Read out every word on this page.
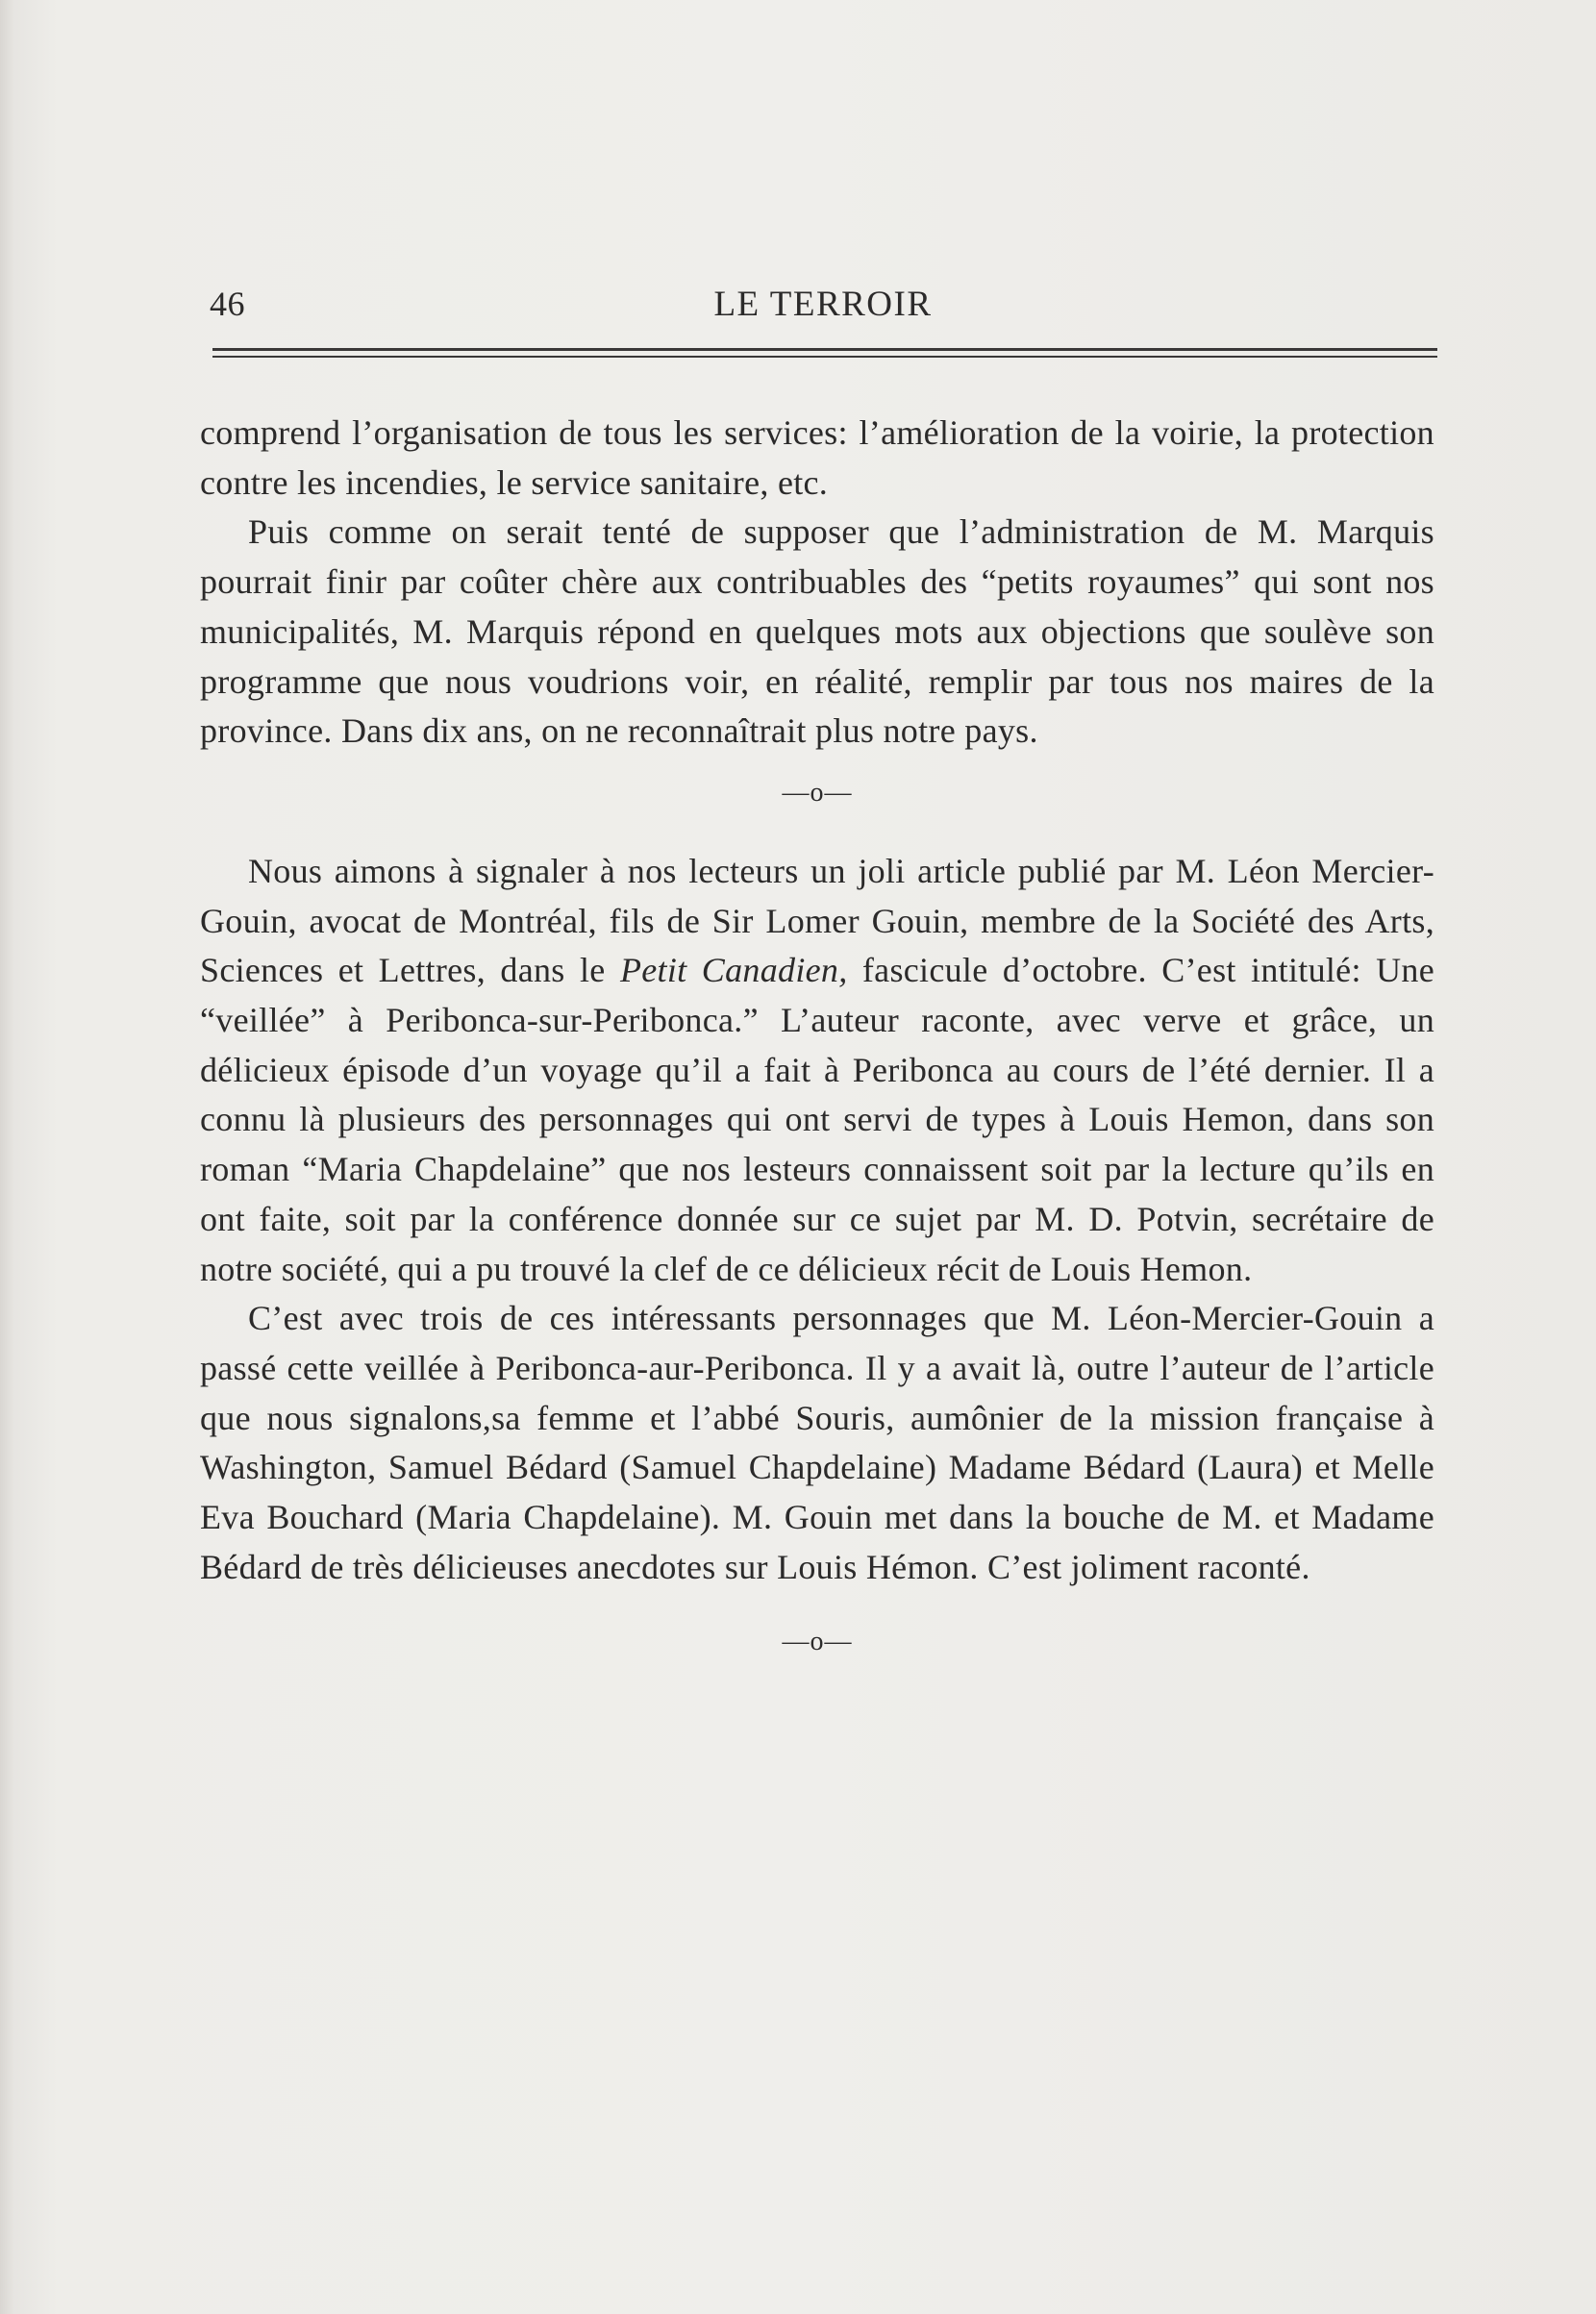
46	LE TERROIR

comprend l’organisation de tous les services: l’amélioration de la voirie, la protection contre les incendies, le service sanitaire, etc.

Puis comme on serait tenté de supposer que l’administration de M. Marquis pourrait finir par coûter chère aux contribuables des “petits royaumes” qui sont nos municipalités, M. Marquis répond en quelques mots aux objections que soulève son programme que nous voudrions voir, en réalité, remplir par tous nos maires de la province. Dans dix ans, on ne reconnaîtrait plus notre pays.

—o—

Nous aimons à signaler à nos lecteurs un joli article publié par M. Léon Mercier-Gouin, avocat de Montréal, fils de Sir Lomer Gouin, membre de la Société des Arts, Sciences et Lettres, dans le Petit Canadien, fascicule d’octobre. C’est intitulé: Une “veillée” à Peribonca-sur-Peribonca.” L’auteur raconte, avec verve et grâce, un délicieux épisode d’un voyage qu’il a fait à Peribonca au cours de l’été dernier. Il a connu là plusieurs des personnages qui ont servi de types à Louis Hemon, dans son roman “Maria Chapdelaine” que nos lesteurs connaissent soit par la lecture qu’ils en ont faite, soit par la conférence donnée sur ce sujet par M. D. Potvin, secrétaire de notre société, qui a pu trouvé la clef de ce délicieux récit de Louis Hemon.

C’est avec trois de ces intéressants personnages que M. Léon-Mercier-Gouin a passé cette veillée à Peribonca-aur-Peribonca. Il y a avait là, outre l’auteur de l’article que nous signalons,sa femme et l’abbé Souris, aumônier de la mission française à Washington, Samuel Bédard (Samuel Chapdelaine) Madame Bédard (Laura) et Melle Eva Bouchard (Maria Chapdelaine). M. Gouin met dans la bouche de M. et Madame Bédard de très délicieuses anecdotes sur Louis Hémon. C’est joliment raconté.

—o—
